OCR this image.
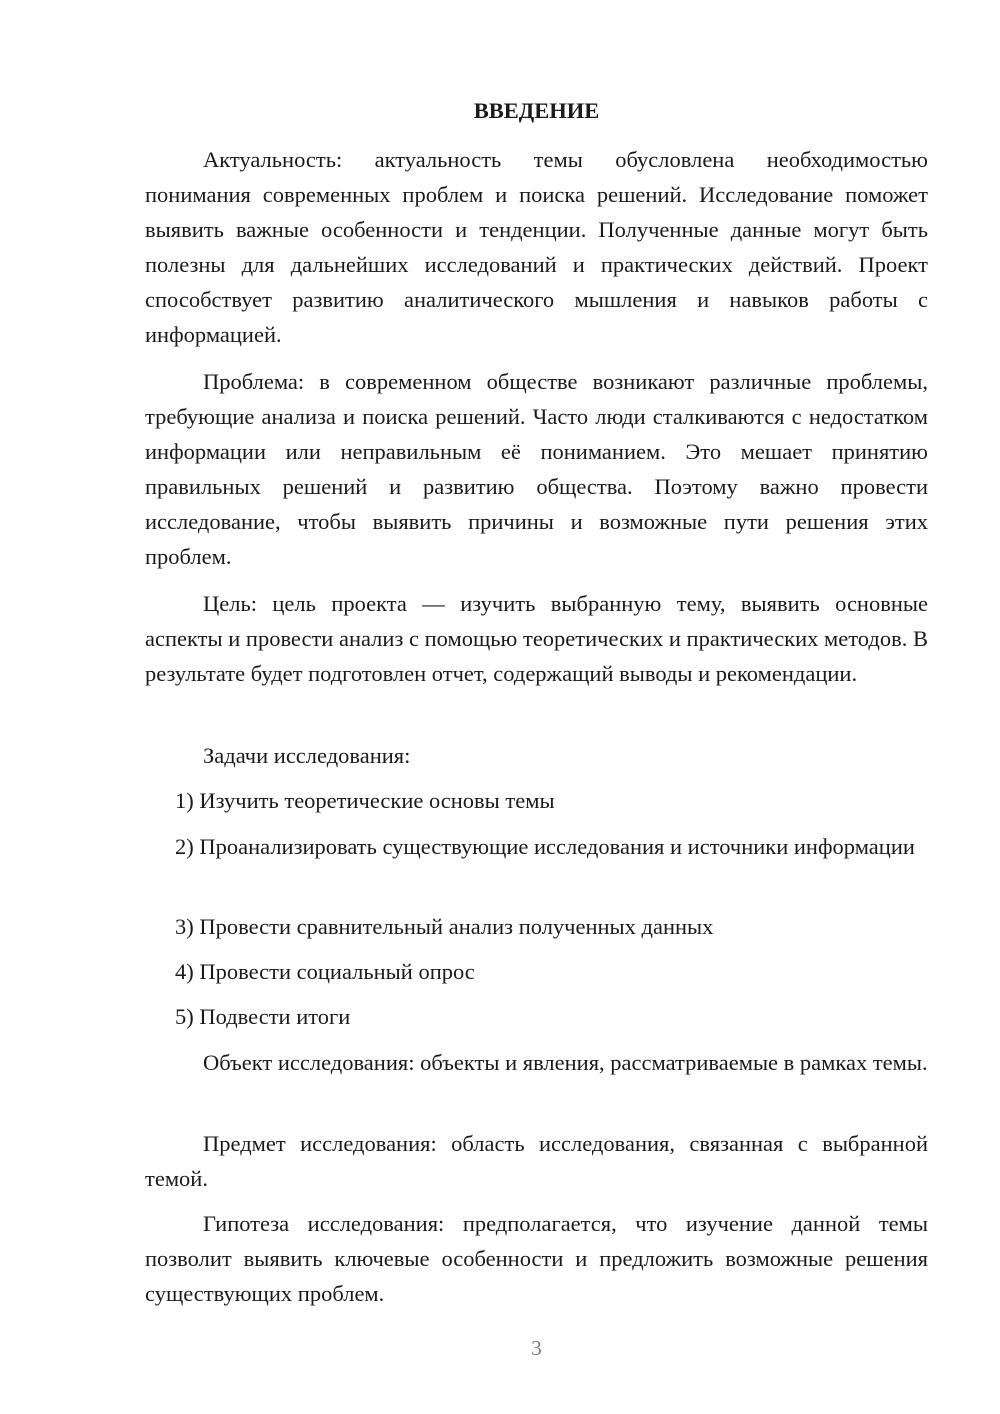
ВВЕДЕНИЕ

Актуальность: актуальность темы обусловлена необходимостью понимания современных проблем и поиска решений. Исследование поможет выявить важные особенности и тенденции. Полученные данные могут быть полезны для дальнейших исследований и практических действий. Проект способствует развитию аналитического мышления и навыков работы с информацией.

Проблема: в современном обществе возникают различные проблемы, требующие анализа и поиска решений. Часто люди сталкиваются с недостатком информации или неправильным её пониманием. Это мешает принятию правильных решений и развитию общества. Поэтому важно провести исследование, чтобы выявить причины и возможные пути решения этих проблем.

Цель: цель проекта — изучить выбранную тему, выявить основные аспекты и провести анализ с помощью теоретических и практических методов. В результате будет подготовлен отчет, содержащий выводы и рекомендации.

Задачи исследования:

1) Изучить теоретические основы темы

2) Проанализировать существующие исследования и источники информации

3) Провести сравнительный анализ полученных данных

4) Провести социальный опрос

5) Подвести итоги

Объект исследования: объекты и явления, рассматриваемые в рамках темы.

Предмет исследования: область исследования, связанная с выбранной темой.

Гипотеза исследования: предполагается, что изучение данной темы позволит выявить ключевые особенности и предложить возможные решения существующих проблем.

3
